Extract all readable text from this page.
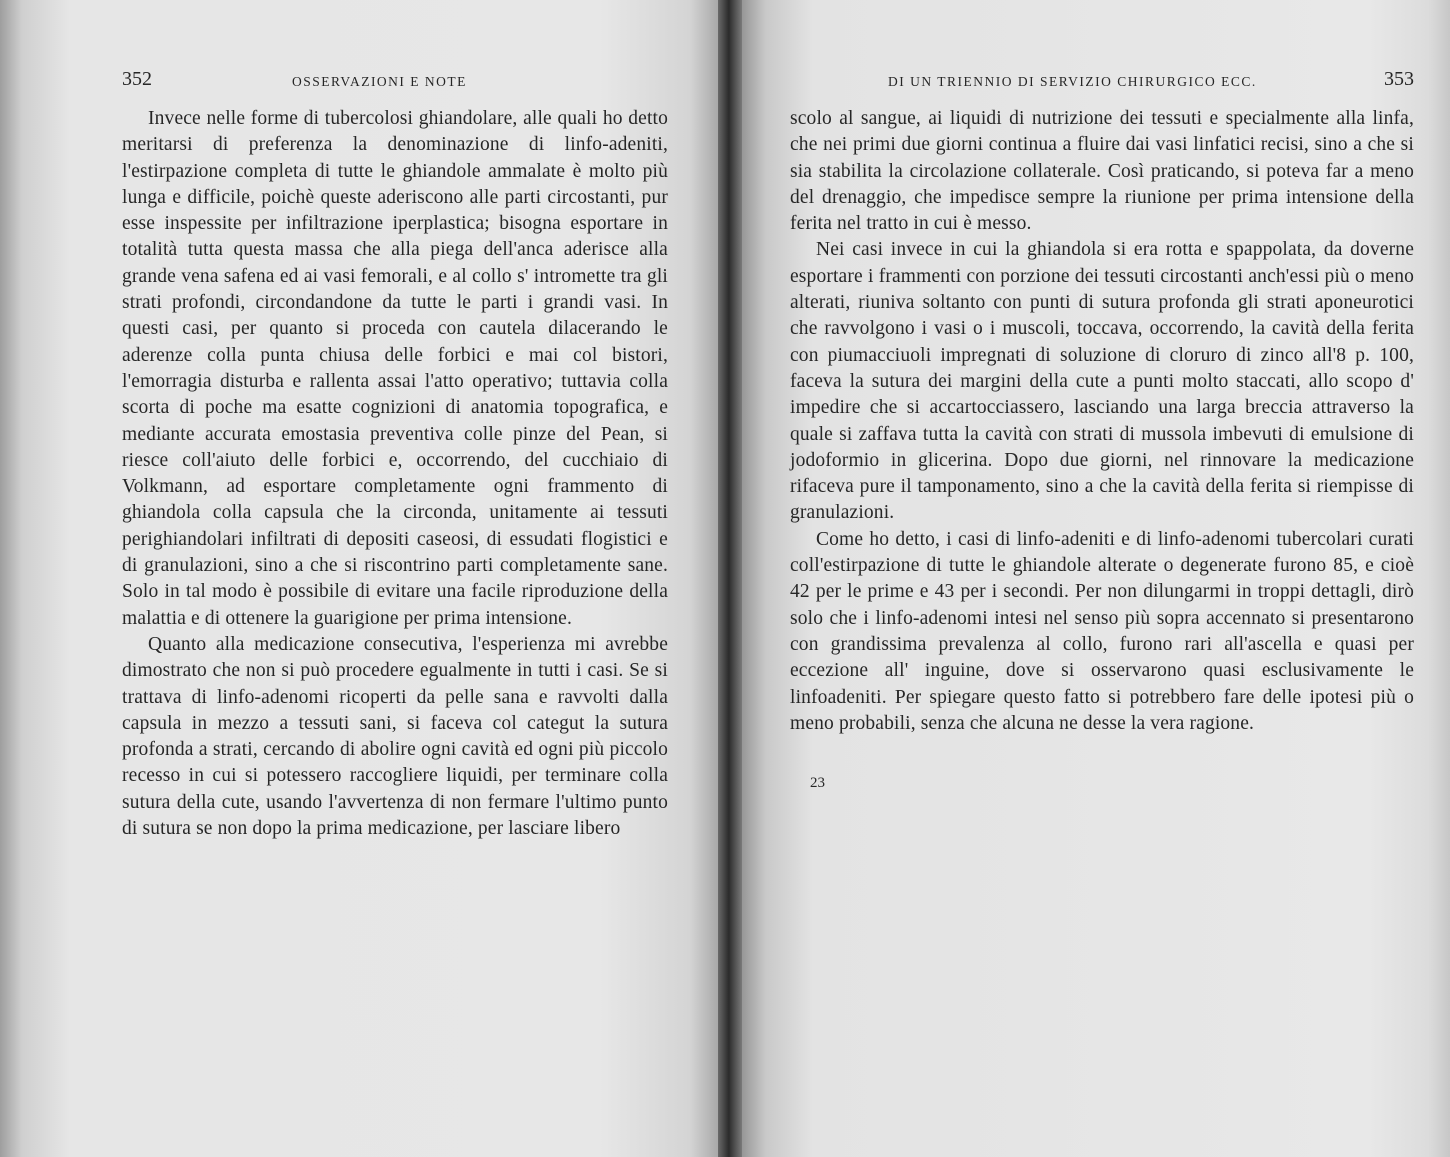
352	OSSERVAZIONI E NOTE

Invece nelle forme di tubercolosi ghiandolare, alle quali ho detto meritarsi di preferenza la denominazione di linfo-adeniti, l'estirpazione completa di tutte le ghiandole ammalate è molto più lunga e difficile, poichè queste aderiscono alle parti circostanti, pur esse inspessite per infiltrazione iperplastica; bisogna esportare in totalità tutta questa massa che alla piega dell'anca aderisce alla grande vena safena ed ai vasi femorali, e al collo s' intromette tra gli strati profondi, circondandone da tutte le parti i grandi vasi. In questi casi, per quanto si proceda con cautela dilacerando le aderenze colla punta chiusa delle forbici e mai col bistori, l'emorragia disturba e rallenta assai l'atto operativo; tuttavia colla scorta di poche ma esatte cognizioni di anatomia topografica, e mediante accurata emostasia preventiva colle pinze del Pean, si riesce coll'aiuto delle forbici e, occorrendo, del cucchiaio di Volkmann, ad esportare completamente ogni frammento di ghiandola colla capsula che la circonda, unitamente ai tessuti perighiandolari infiltrati di depositi caseosi, di essudati flogistici e di granulazioni, sino a che si riscontrino parti completamente sane. Solo in tal modo è possibile di evitare una facile riproduzione della malattia e di ottenere la guarigione per prima intensione.

Quanto alla medicazione consecutiva, l'esperienza mi avrebbe dimostrato che non si può procedere egualmente in tutti i casi. Se si trattava di linfo-adenomi ricoperti da pelle sana e ravvolti dalla capsula in mezzo a tessuti sani, si faceva col categut la sutura profonda a strati, cercando di abolire ogni cavità ed ogni più piccolo recesso in cui si potessero raccogliere liquidi, per terminare colla sutura della cute, usando l'avvertenza di non fermare l'ultimo punto di sutura se non dopo la prima medicazione, per lasciare libero

DI UN TRIENNIO DI SERVIZIO CHIRURGICO ECC.	353

scolo al sangue, ai liquidi di nutrizione dei tessuti e specialmente alla linfa, che nei primi due giorni continua a fluire dai vasi linfatici recisi, sino a che si sia stabilita la circolazione collaterale. Così praticando, si poteva far a meno del drenaggio, che impedisce sempre la riunione per prima intensione della ferita nel tratto in cui è messo.

Nei casi invece in cui la ghiandola si era rotta e spappolata, da doverne esportare i frammenti con porzione dei tessuti circostanti anch'essi più o meno alterati, riuniva soltanto con punti di sutura profonda gli strati aponeurotici che ravvolgono i vasi o i muscoli, toccava, occorrendo, la cavità della ferita con piumacciuoli impregnati di soluzione di cloruro di zinco all'8 p. 100, faceva la sutura dei margini della cute a punti molto staccati, allo scopo d' impedire che si accartocciassero, lasciando una larga breccia attraverso la quale si zaffava tutta la cavità con strati di mussola imbevuti di emulsione di jodoformio in glicerina. Dopo due giorni, nel rinnovare la medicazione rifaceva pure il tamponamento, sino a che la cavità della ferita si riempisse di granulazioni.

Come ho detto, i casi di linfo-adeniti e di linfo-adenomi tubercolari curati coll'estirpazione di tutte le ghiandole alterate o degenerate furono 85, e cioè 42 per le prime e 43 per i secondi. Per non dilungarmi in troppi dettagli, dirò solo che i linfo-adenomi intesi nel senso più sopra accennato si presentarono con grandissima prevalenza al collo, furono rari all'ascella e quasi per eccezione all' inguine, dove si osservarono quasi esclusivamente le linfoadeniti. Per spiegare questo fatto si potrebbero fare delle ipotesi più o meno probabili, senza che alcuna ne desse la vera ragione.

23
